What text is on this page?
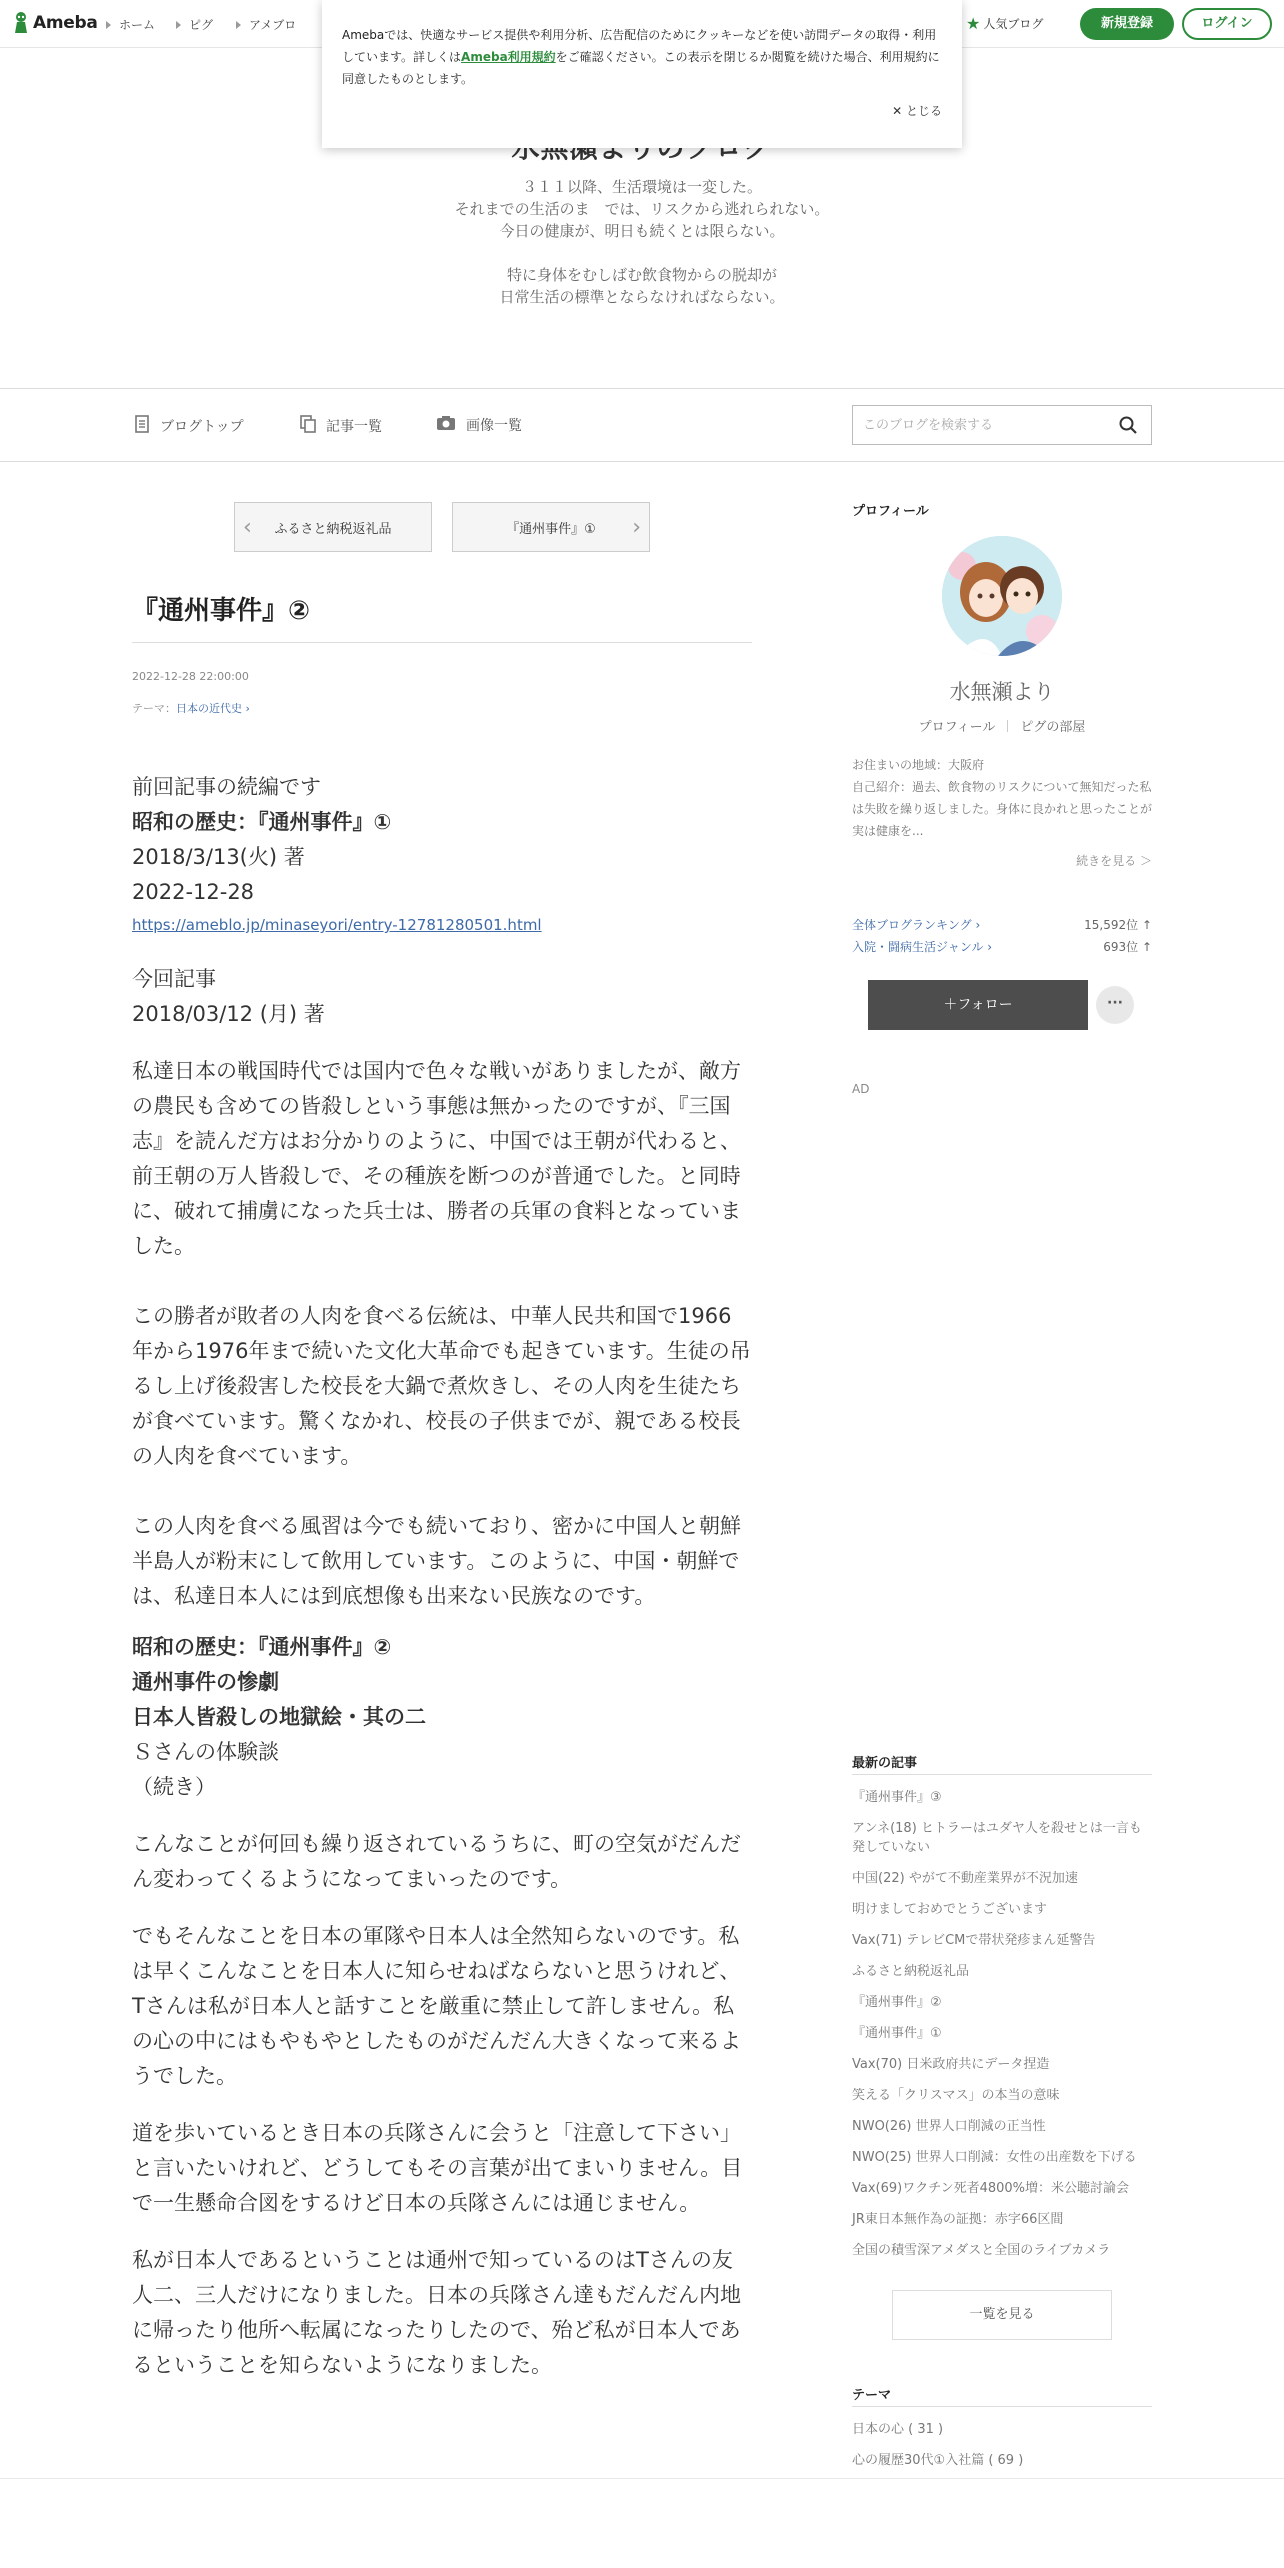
Ameba ホーム	ピグ	アメブロ	★ 人気ブログ	新規登録	ログイン

３１１以降、生活環境は一変した。

それまでの生活のま　では、リスクから逃れられない。

今日の健康が、明日も続くとは限らない。

特に身体をむしばむ飲食物からの脱却が

日常生活の標準とならなければならない。

Amebaでは、快適なサービス提供や利用分析、広告配信のためにクッキーなどを使い訪問データの取得・利用しています。詳しくはAmeba利用規約をご確認ください。この表示を閉じるか閲覧を続けた場合、利用規約に同意したものとします。
✕ とじる
ブログトップ	記事一覧	画像一覧
このブログを検索する
‹ ふるさと納税返礼品	『通州事件』① ›
『通州事件』②
2022-12-28 22:00:00
テーマ：日本の近代史 ›
前回記事の続編です
昭和の歴史：『通州事件』①
2018/3/13(火) 著
2022-12-28
https://ameblo.jp/minaseyori/entry-12781280501.html
今回記事
2018/03/12 (月) 著
私達日本の戦国時代では国内で色々な戦いがありましたが、敵方の農民も含めての皆殺しという事態は無かったのですが、『三国志』を読んだ方はお分かりのように、中国では王朝が代わると、前王朝の万人皆殺しで、その種族を断つのが普通でした。と同時に、破れて捕虜になった兵士は、勝者の兵軍の食料となっていました。
この勝者が敗者の人肉を食べる伝統は、中華人民共和国で1966年から1976年まで続いた文化大革命でも起きています。生徒の吊るし上げ後殺害した校長を大鍋で煮炊きし、その人肉を生徒たちが食べています。驚くなかれ、校長の子供までが、親である校長の人肉を食べています。
この人肉を食べる風習は今でも続いており、密かに中国人と朝鮮半島人が粉末にして飲用しています。このように、中国・朝鮮では、私達日本人には到底想像も出来ない民族なのです。
昭和の歴史：『通州事件』②
通州事件の惨劇
日本人皆殺しの地獄絵・其の二
Ｓさんの体験談
（続き）
こんなことが何回も繰り返されているうちに、町の空気がだんだん変わってくるようになってまいったのです。
でもそんなことを日本の軍隊や日本人は全然知らないのです。私は早くこんなことを日本人に知らせねばならないと思うけれど、Tさんは私が日本人と話すことを厳重に禁止して許しません。私の心の中にはもやもやとしたものがだんだん大きくなって来るようでした。
道を歩いているとき日本の兵隊さんに会うと「注意して下さい」と言いたいけれど、どうしてもその言葉が出てまいりません。目で一生懸命合図をするけど日本の兵隊さんには通じません。
私が日本人であるということは通州で知っているのはTさんの友人二、三人だけになりました。日本の兵隊さん達もだんだん内地に帰ったり他所へ転属になったりしたので、殆ど私が日本人であるということを知らないようになりました。
プロフィール
水無瀬より
プロフィール ピグの部屋
お住まいの地域：大阪府
自己紹介：過去、飲食物のリスクについて無知だった私は失敗を繰り返しました。身体に良かれと思ったことが実は健康を...
続きを見る ＞
全体ブログランキング ›	15,592位 ↑
入院・闘病生活ジャンル ›	693位 ↑
＋フォロー	···
AD
最新の記事
『通州事件』③
アンネ(18) ヒトラーはユダヤ人を殺せとは一言も発していない
中国(22) やがて不動産業界が不況加速
明けましておめでとうございます
Vax(71) テレビCMで帯状発疹まん延警告
ふるさと納税返礼品
『通州事件』②
『通州事件』①
Vax(70) 日米政府共にデータ捏造
笑える「クリスマス」の本当の意味
NWO(26) 世界人口削減の正当性
NWO(25) 世界人口削減：女性の出産数を下げる
Vax(69)ワクチン死者4800%増：米公聴討論会
JR東日本無作為の証拠：赤字66区間
全国の積雪深アメダスと全国のライブカメラ
一覧を見る
テーマ
日本の心 ( 31 )
心の履歴30代①入社篇 ( 69 )
